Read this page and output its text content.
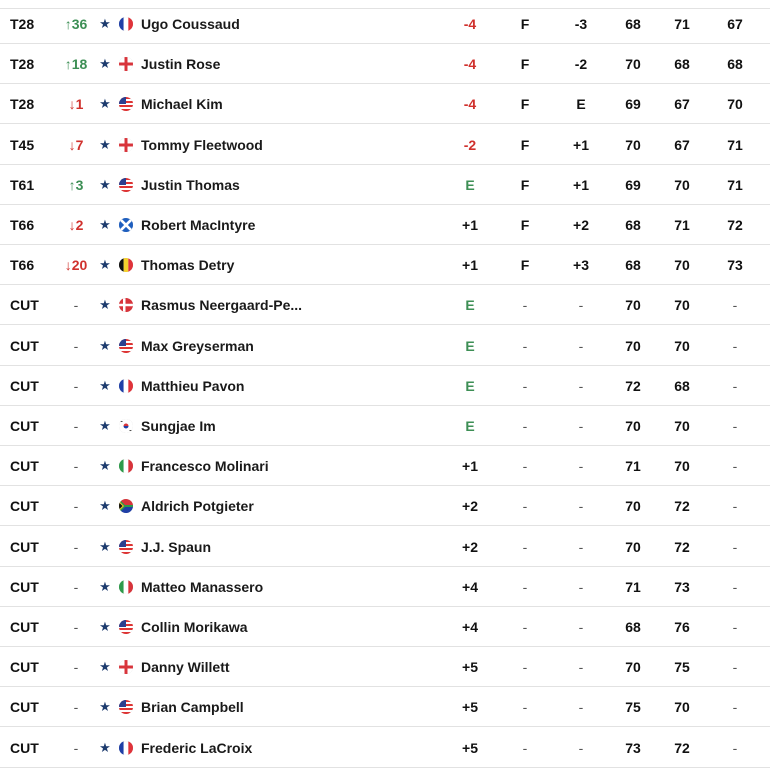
T28	↑36 ★ Ugo Coussaud	-4	F	-3	68	71	67
T28	↑18 ★ Justin Rose	-4	F	-2	70	68	68
T28	↓1	★ Michael Kim	-4	F	E	69	67	70
T45	↓7	★ Tommy Fleetwood	-2	F	+1	70	67	71
T61	↑3	★ Justin Thomas	E	F	+1	69	70	71
T66	↓2	★ Robert MacIntyre	+1	F	+2	68	71	72
T66	↓20 ★ Thomas Detry	+1	F	+3	68	70	73
CUT	-	★ Rasmus Neergaard-Pe...	E	-	-	70	70	-
CUT	-	★ Max Greyserman	E	-	-	70	70	-
CUT	-	★ Matthieu Pavon	E	-	-	72	68	-
CUT	-	★ Sungjae Im	E	-	-	70	70	-
CUT	-	★ Francesco Molinari	+1	-	-	71	70	-
CUT	-	★ Aldrich Potgieter	+2	-	-	70	72	-
CUT	-	★ J.J. Spaun	+2	-	-	70	72	-
CUT	-	★ Matteo Manassero	+4	-	-	71	73	-
CUT	-	★ Collin Morikawa	+4	-	-	68	76	-
CUT	-	★ Danny Willett	+5	-	-	70	75	-
CUT	-	★ Brian Campbell	+5	-	-	75	70	-
CUT	-	★ Frederic LaCroix	+5	-	-	73	72	-
